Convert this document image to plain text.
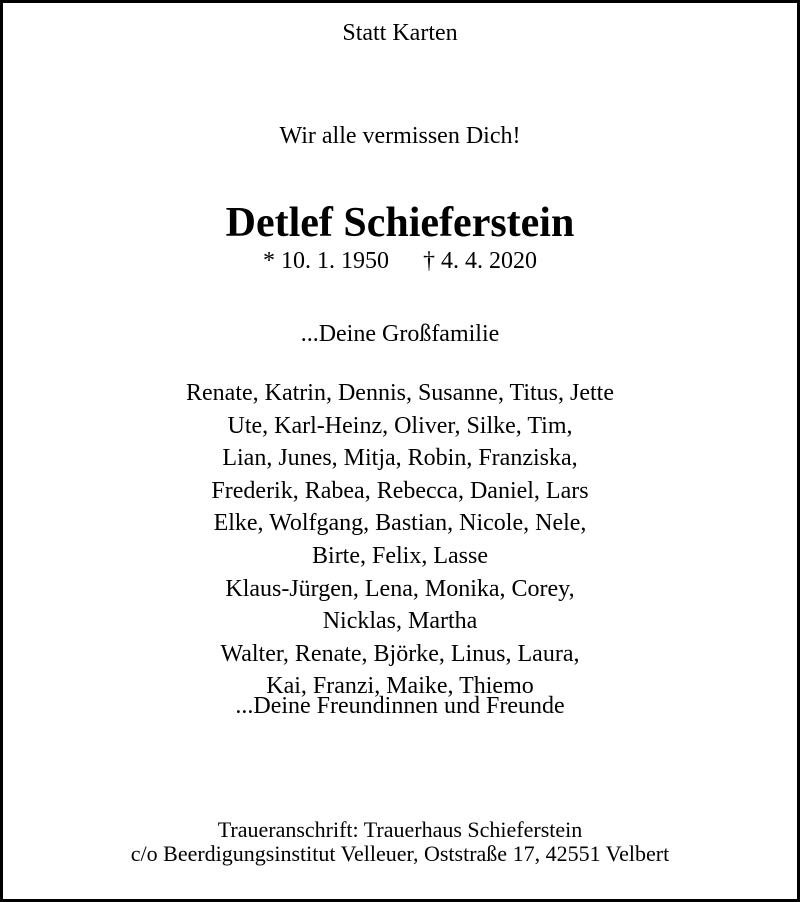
Statt Karten
Wir alle vermissen Dich!
Detlef Schieferstein
* 10. 1. 1950 † 4. 4. 2020
...Deine Großfamilie
Renate, Katrin, Dennis, Susanne, Titus, Jette
Ute, Karl-Heinz, Oliver, Silke, Tim,
Lian, Junes, Mitja, Robin, Franziska,
Frederik, Rabea, Rebecca, Daniel, Lars
Elke, Wolfgang, Bastian, Nicole, Nele,
Birte, Felix, Lasse
Klaus-Jürgen, Lena, Monika, Corey,
Nicklas, Martha
Walter, Renate, Björke, Linus, Laura,
Kai, Franzi, Maike, Thiemo
...Deine Freundinnen und Freunde
Traueranschrift: Trauerhaus Schieferstein
c/o Beerdigungsinstitut Velleuer, Oststraße 17, 42551 Velbert
